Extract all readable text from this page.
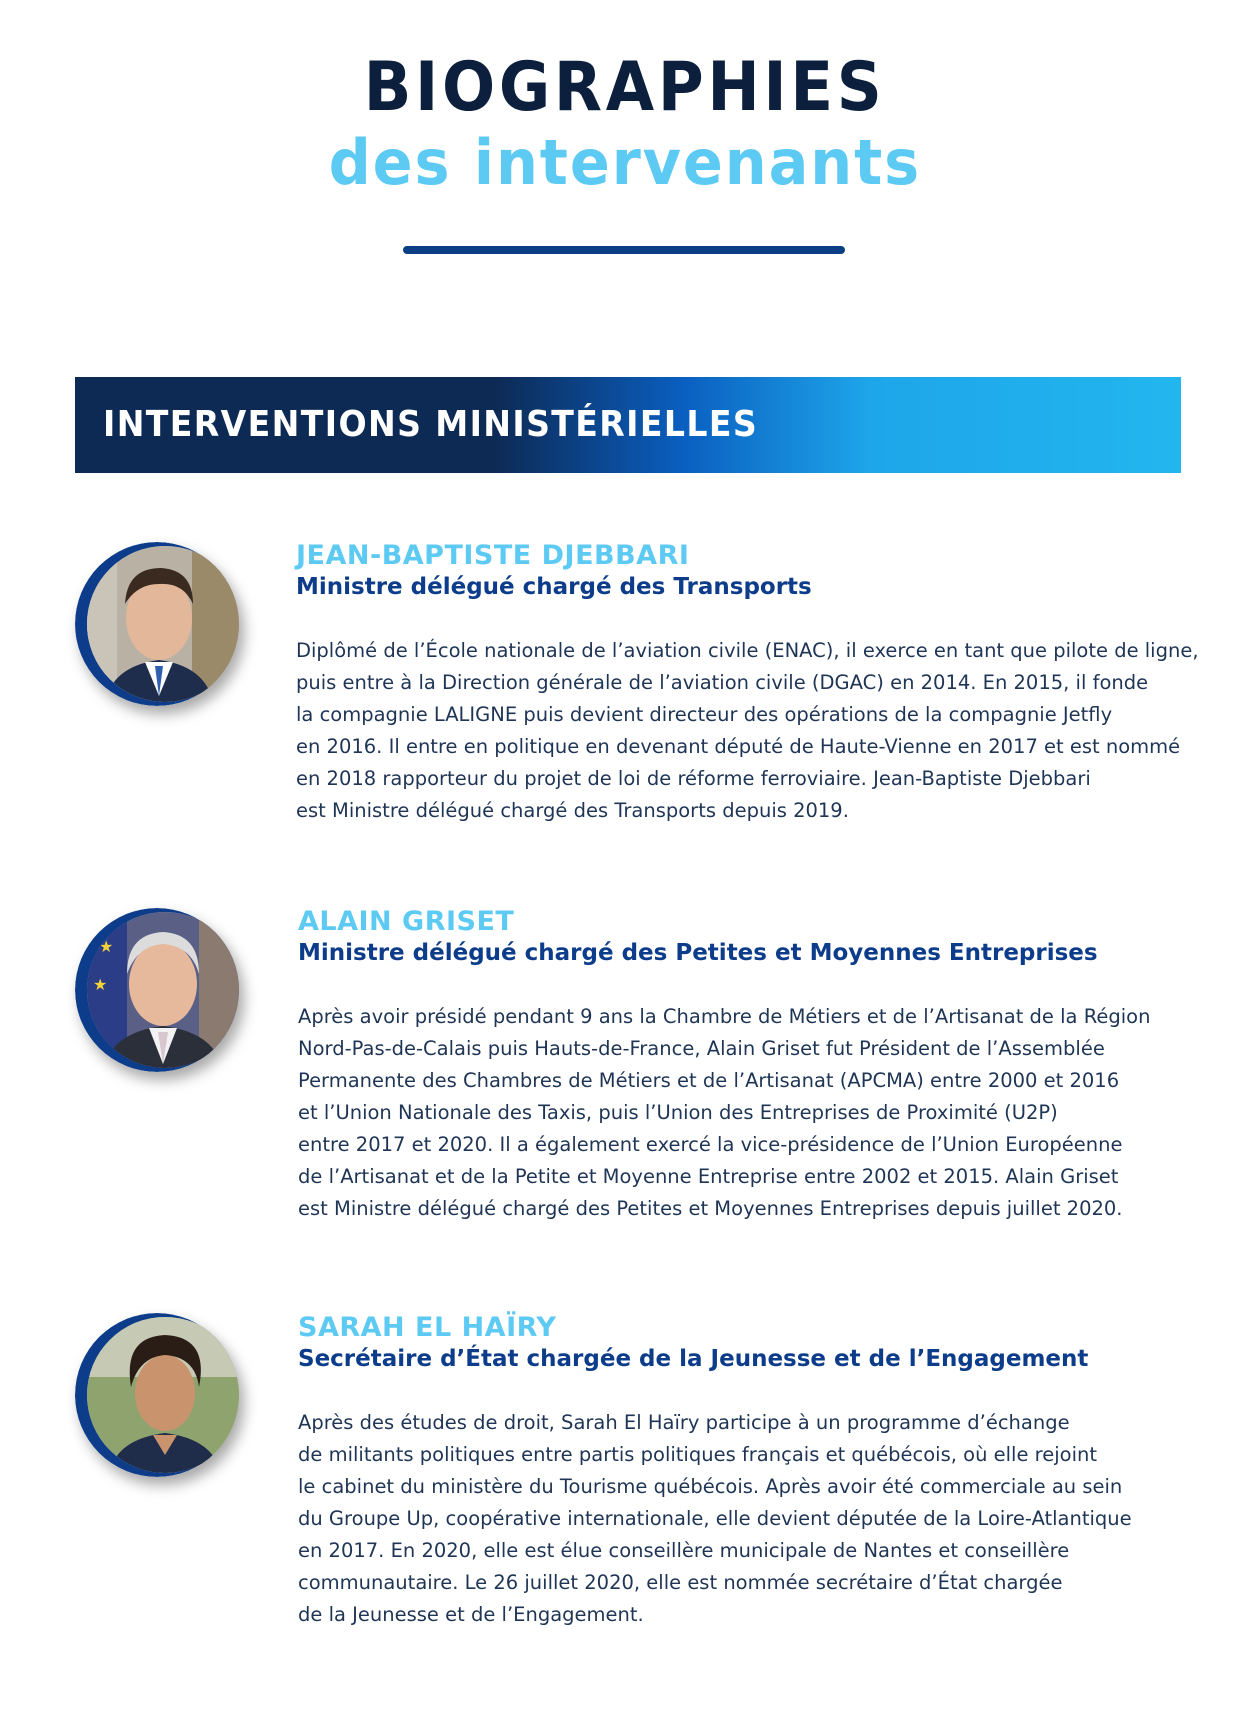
BIOGRAPHIES
des intervenants
INTERVENTIONS MINISTÉRIELLES
JEAN-BAPTISTE DJEBBARI
Ministre délégué chargé des Transports
Diplômé de l’École nationale de l’aviation civile (ENAC), il exerce en tant que pilote de ligne,
puis entre à la Direction générale de l’aviation civile (DGAC) en 2014. En 2015, il fonde
la compagnie LALIGNE puis devient directeur des opérations de la compagnie Jetfly
en 2016. Il entre en politique en devenant député de Haute-Vienne en 2017 et est nommé
en 2018 rapporteur du projet de loi de réforme ferroviaire. Jean-Baptiste Djebbari
est Ministre délégué chargé des Transports depuis 2019.
★
★
ALAIN GRISET
Ministre délégué chargé des Petites et Moyennes Entreprises
Après avoir présidé pendant 9 ans la Chambre de Métiers et de l’Artisanat de la Région
Nord-Pas-de-Calais puis Hauts-de-France, Alain Griset fut Président de l’Assemblée
Permanente des Chambres de Métiers et de l’Artisanat (APCMA) entre 2000 et 2016
et l’Union Nationale des Taxis, puis l’Union des Entreprises de Proximité (U2P)
entre 2017 et 2020. Il a également exercé la vice-présidence de l’Union Européenne
de l’Artisanat et de la Petite et Moyenne Entreprise entre 2002 et 2015. Alain Griset
est Ministre délégué chargé des Petites et Moyennes Entreprises depuis juillet 2020.
SARAH EL HAÏRY
Secrétaire d’État chargée de la Jeunesse et de l’Engagement
Après des études de droit, Sarah El Haïry participe à un programme d’échange
de militants politiques entre partis politiques français et québécois, où elle rejoint
le cabinet du ministère du Tourisme québécois. Après avoir été commerciale au sein
du Groupe Up, coopérative internationale, elle devient députée de la Loire-Atlantique
en 2017. En 2020, elle est élue conseillère municipale de Nantes et conseillère
communautaire. Le 26 juillet 2020, elle est nommée secrétaire d’État chargée
de la Jeunesse et de l’Engagement.
